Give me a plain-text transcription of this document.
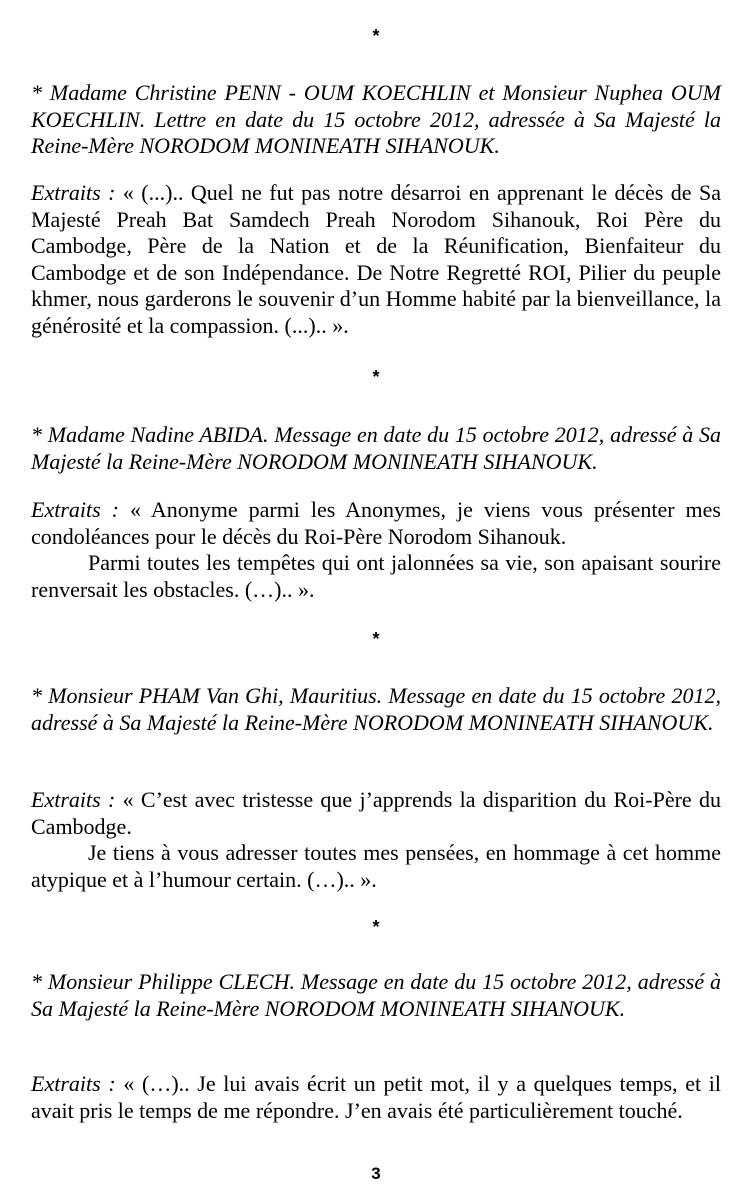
*

* Madame Christine PENN - OUM KOECHLIN et Monsieur Nuphea OUM KOECHLIN. Lettre en date du 15 octobre 2012, adressée à Sa Majesté la Reine-Mère NORODOM MONINEATH SIHANOUK.

Extraits : « (...).. Quel ne fut pas notre désarroi en apprenant le décès de Sa Majesté Preah Bat Samdech Preah Norodom Sihanouk, Roi Père du Cambodge, Père de la Nation et de la Réunification, Bienfaiteur du Cambodge et de son Indépendance. De Notre Regretté ROI, Pilier du peuple khmer, nous garderons le souvenir d’un Homme habité par la bienveillance, la générosité et la compassion. (...).. ».

*

* Madame Nadine ABIDA. Message en date du 15 octobre 2012, adressé à Sa Majesté la Reine-Mère NORODOM MONINEATH SIHANOUK.

Extraits : « Anonyme parmi les Anonymes, je viens vous présenter mes condoléances pour le décès du Roi-Père Norodom Sihanouk.

Parmi toutes les tempêtes qui ont jalonnées sa vie, son apaisant sourire renversait les obstacles. (…).. ».

*

* Monsieur PHAM Van Ghi, Mauritius. Message en date du 15 octobre 2012, adressé à Sa Majesté la Reine-Mère NORODOM MONINEATH SIHANOUK.

Extraits : « C’est avec tristesse que j’apprends la disparition du Roi-Père du Cambodge.

Je tiens à vous adresser toutes mes pensées, en hommage à cet homme atypique et à l’humour certain. (…).. ».

*

* Monsieur Philippe CLECH. Message en date du 15 octobre 2012, adressé à Sa Majesté la Reine-Mère NORODOM MONINEATH SIHANOUK.

Extraits : « (…).. Je lui avais écrit un petit mot, il y a quelques temps, et il avait pris le temps de me répondre. J’en avais été particulièrement touché.

3
